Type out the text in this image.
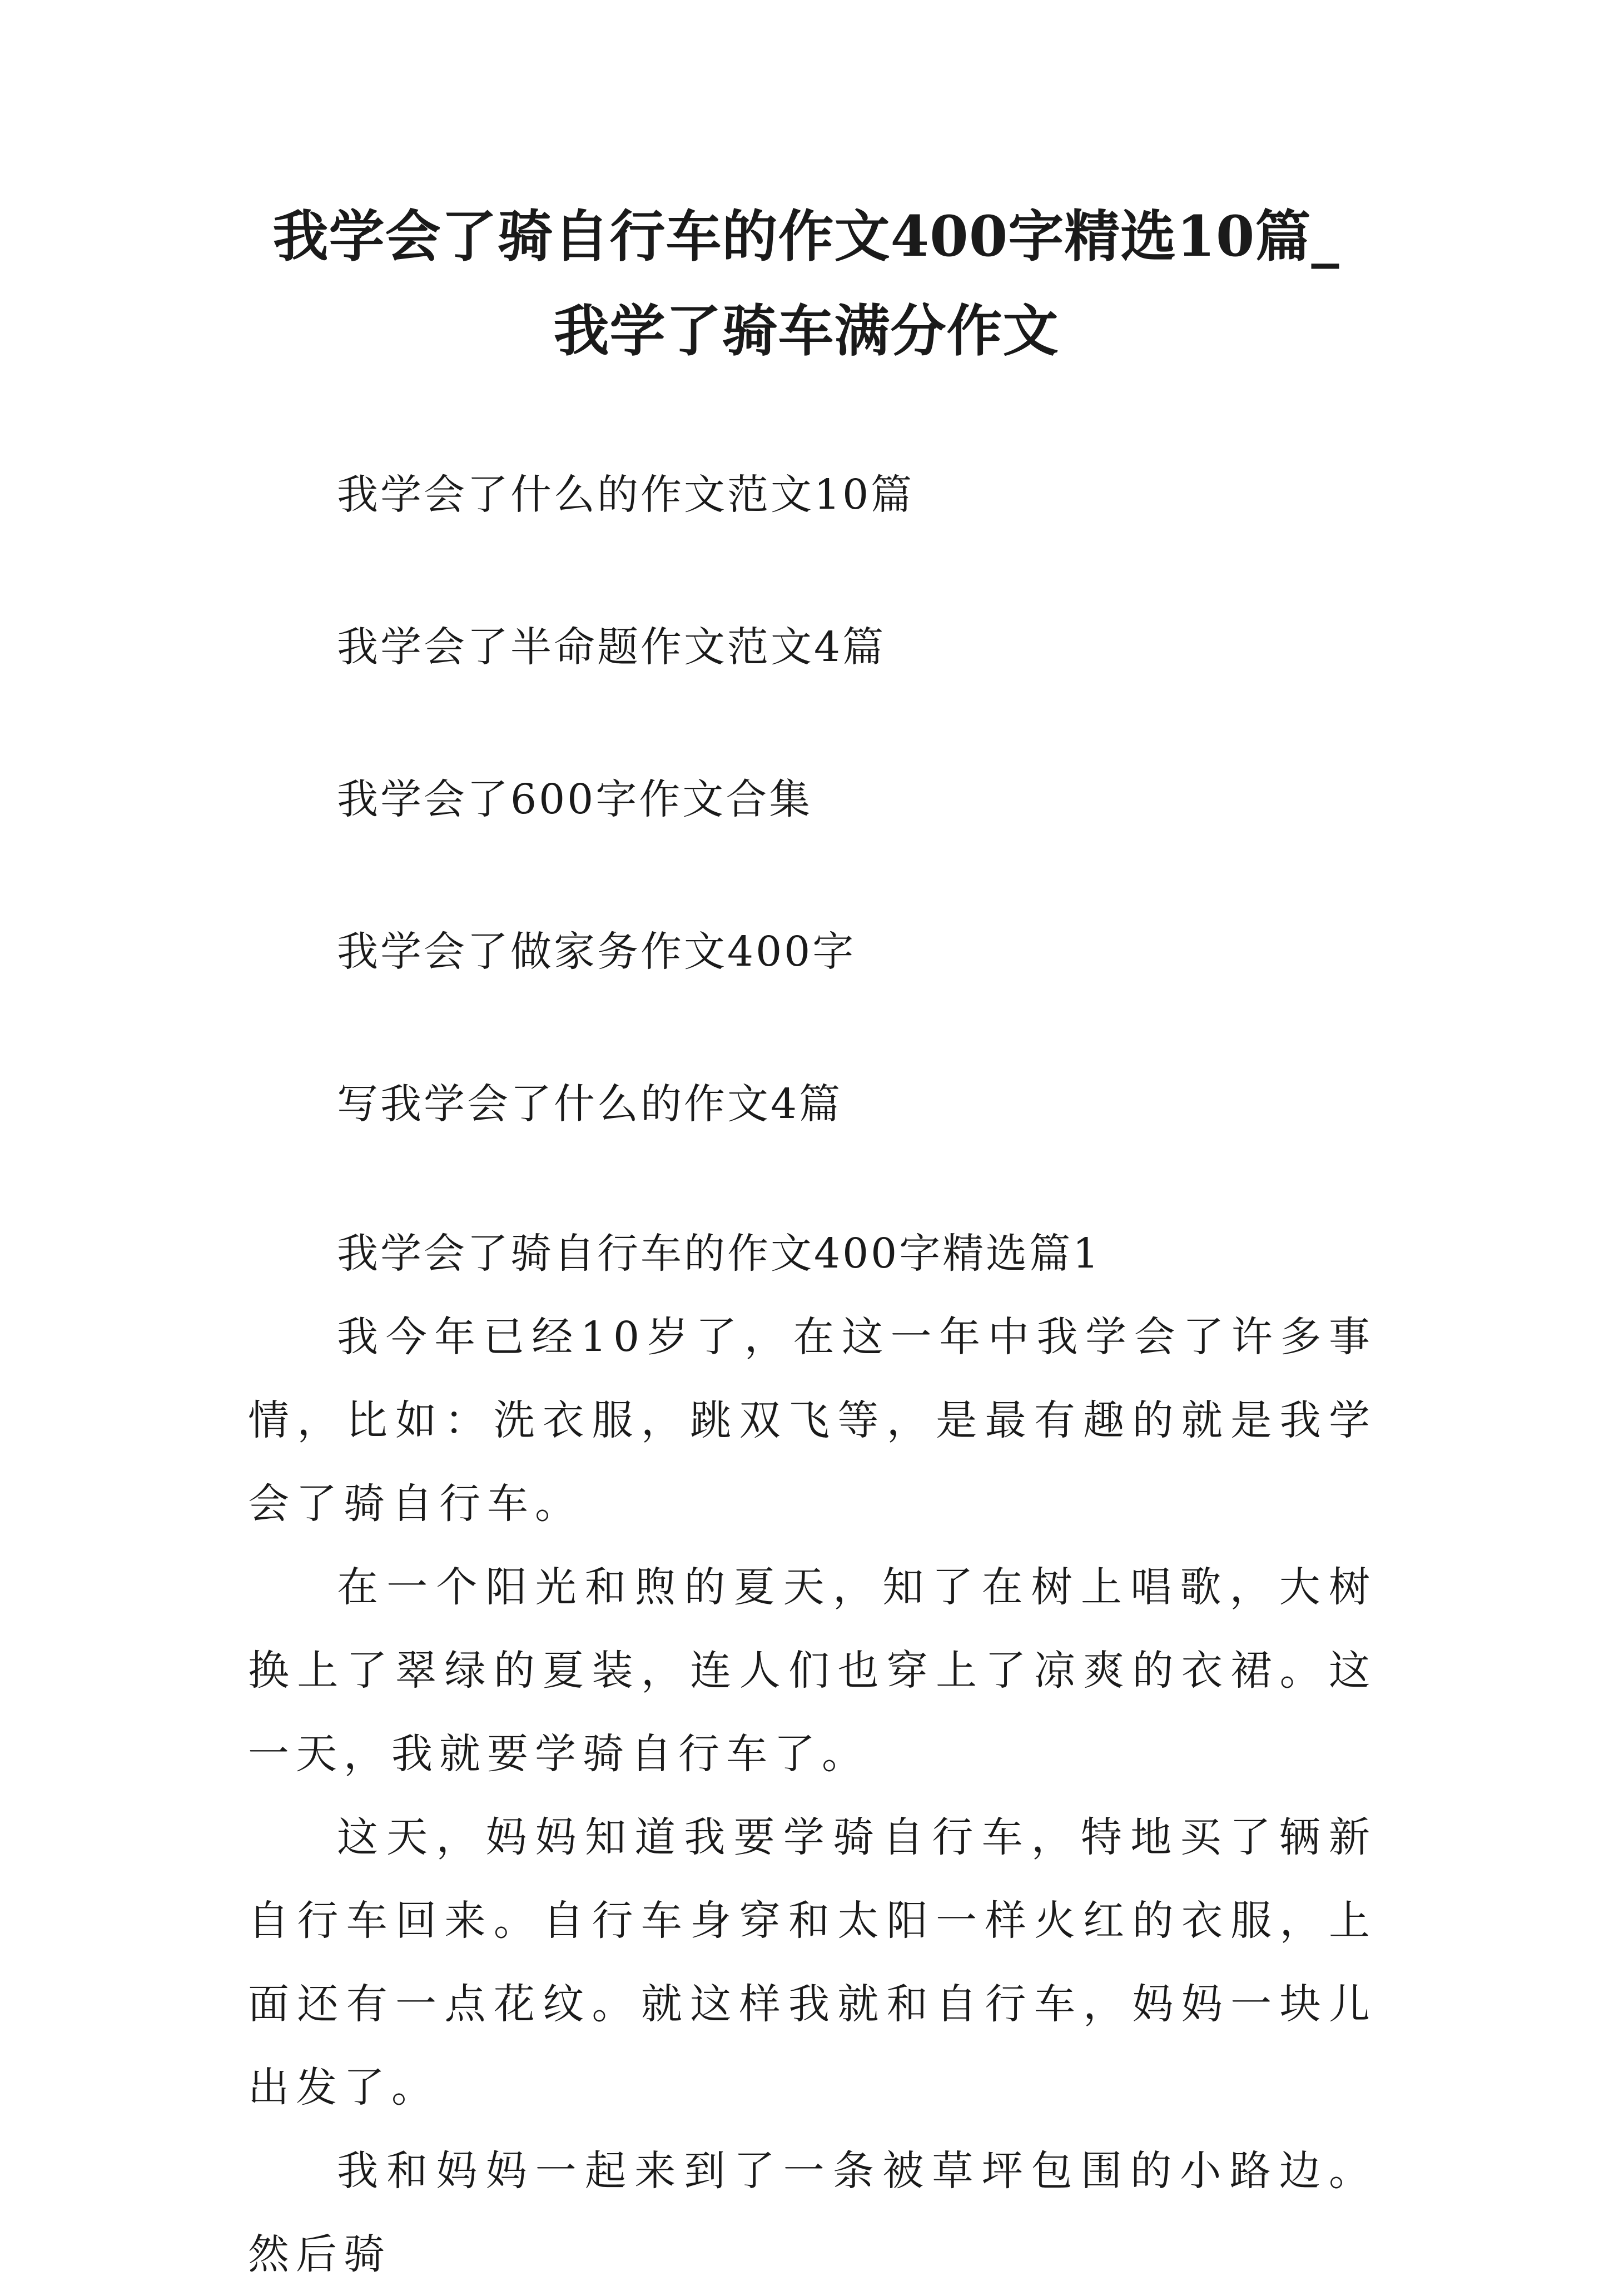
我学会了骑自行车的作文400字精选10篇_
我学了骑车满分作文

我学会了什么的作文范文10篇

我学会了半命题作文范文4篇

我学会了600字作文合集

我学会了做家务作文400字

写我学会了什么的作文4篇

我学会了骑自行车的作文400字精选篇1

我今年已经10岁了，在这一年中我学会了许多事情，比如：洗衣服，跳双飞等，是最有趣的就是我学会了骑自行车。

在一个阳光和煦的夏天，知了在树上唱歌，大树换上了翠绿的夏装，连人们也穿上了凉爽的衣裙。这一天，我就要学骑自行车了。

这天，妈妈知道我要学骑自行车，特地买了辆新自行车回来。自行车身穿和太阳一样火红的衣服，上面还有一点花纹。就这样我就和自行车，妈妈一块儿出发了。

我和妈妈一起来到了一条被草坪包围的小路边。然后骑
